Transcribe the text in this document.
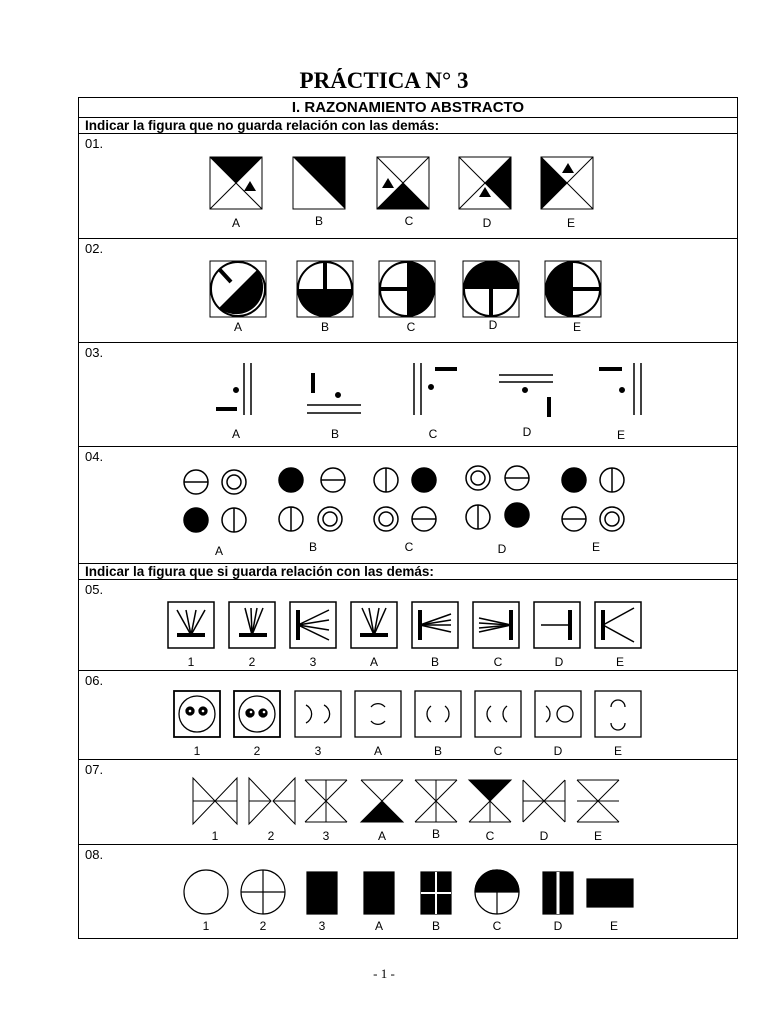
PRÁCTICA N° 3
I. RAZONAMIENTO ABSTRACTO
Indicar la figura que no guarda relación con las demás:
01.
A	B	C	D	E
02.
A	B	C	D	E
03.
A	B	C	D	E
04.
A	B	C	D	E
Indicar la figura que si guarda relación con las demás:
05.
1	2	3	A	B	C	D	E
06.
1	2	3	A	B	C	D	E
07.
1	2	3	A	B	C	D	E
08.
1	2	3	A	B	C	D	E
- 1 -
